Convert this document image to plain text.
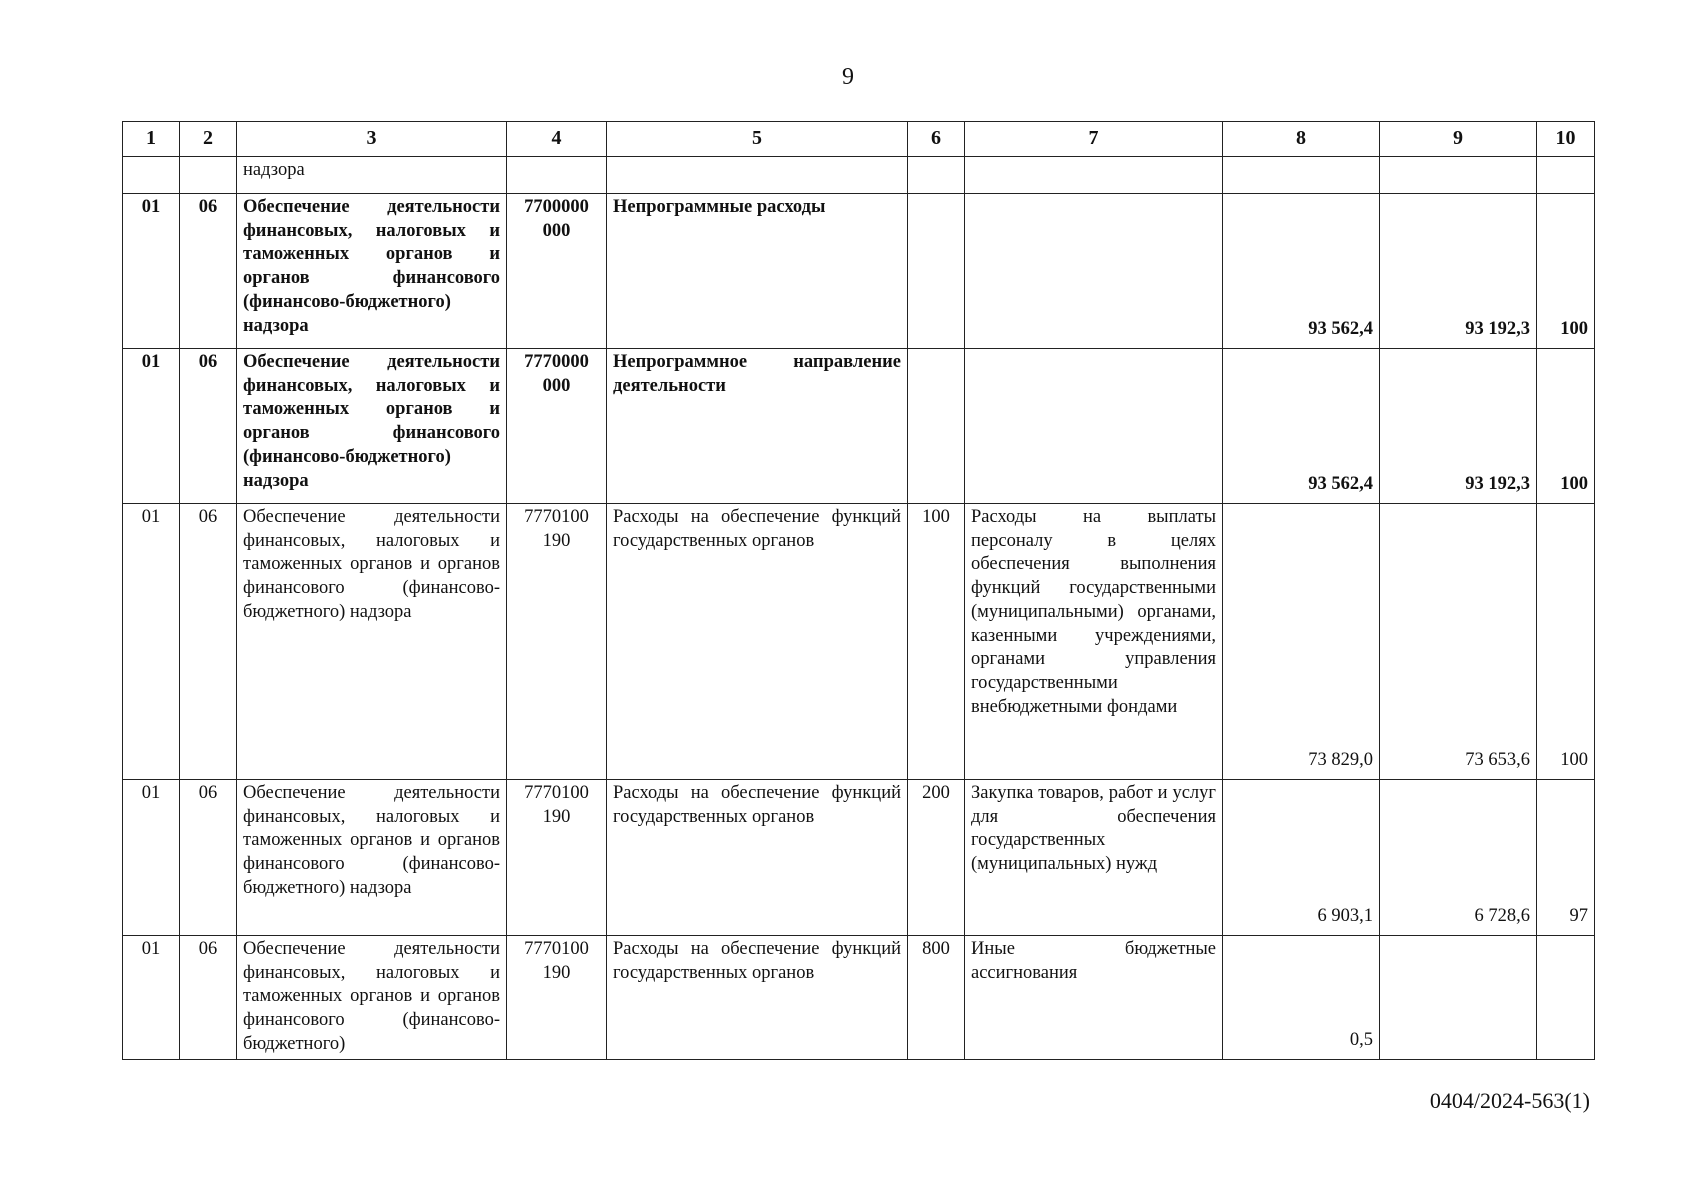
9
1	2	3	4	5	6	7	8	9	10
		надзора							
01	06	Обеспечение деятельности финансовых, налоговых и таможенных органов и органов финансового (финансово-бюджетного) надзора	7700000 000	Непрограммные расходы			93 562,4	93 192,3	100
01	06	Обеспечение деятельности финансовых, налоговых и таможенных органов и органов финансового (финансово-бюджетного) надзора	7770000 000	Непрограммное направление деятельности			93 562,4	93 192,3	100
01	06	Обеспечение деятельности финансовых, налоговых и таможенных органов и органов финансового (финансово-бюджетного) надзора	7770100 190	Расходы на обеспечение функций государственных органов	100	Расходы на выплаты персоналу в целях обеспечения выполнения функций государственными (муниципальными) органами, казенными учреждениями, органами управления государственными внебюджетными фондами	73 829,0	73 653,6	100
01	06	Обеспечение деятельности финансовых, налоговых и таможенных органов и органов финансового (финансово-бюджетного) надзора	7770100 190	Расходы на обеспечение функций государственных органов	200	Закупка товаров, работ и услуг для обеспечения государственных (муниципальных) нужд	6 903,1	6 728,6	97
01	06	Обеспечение деятельности финансовых, налоговых и таможенных органов и органов финансового (финансово-бюджетного)	7770100 190	Расходы на обеспечение функций государственных органов	800	Иные бюджетные ассигнования	0,5		
0404/2024-563(1)
